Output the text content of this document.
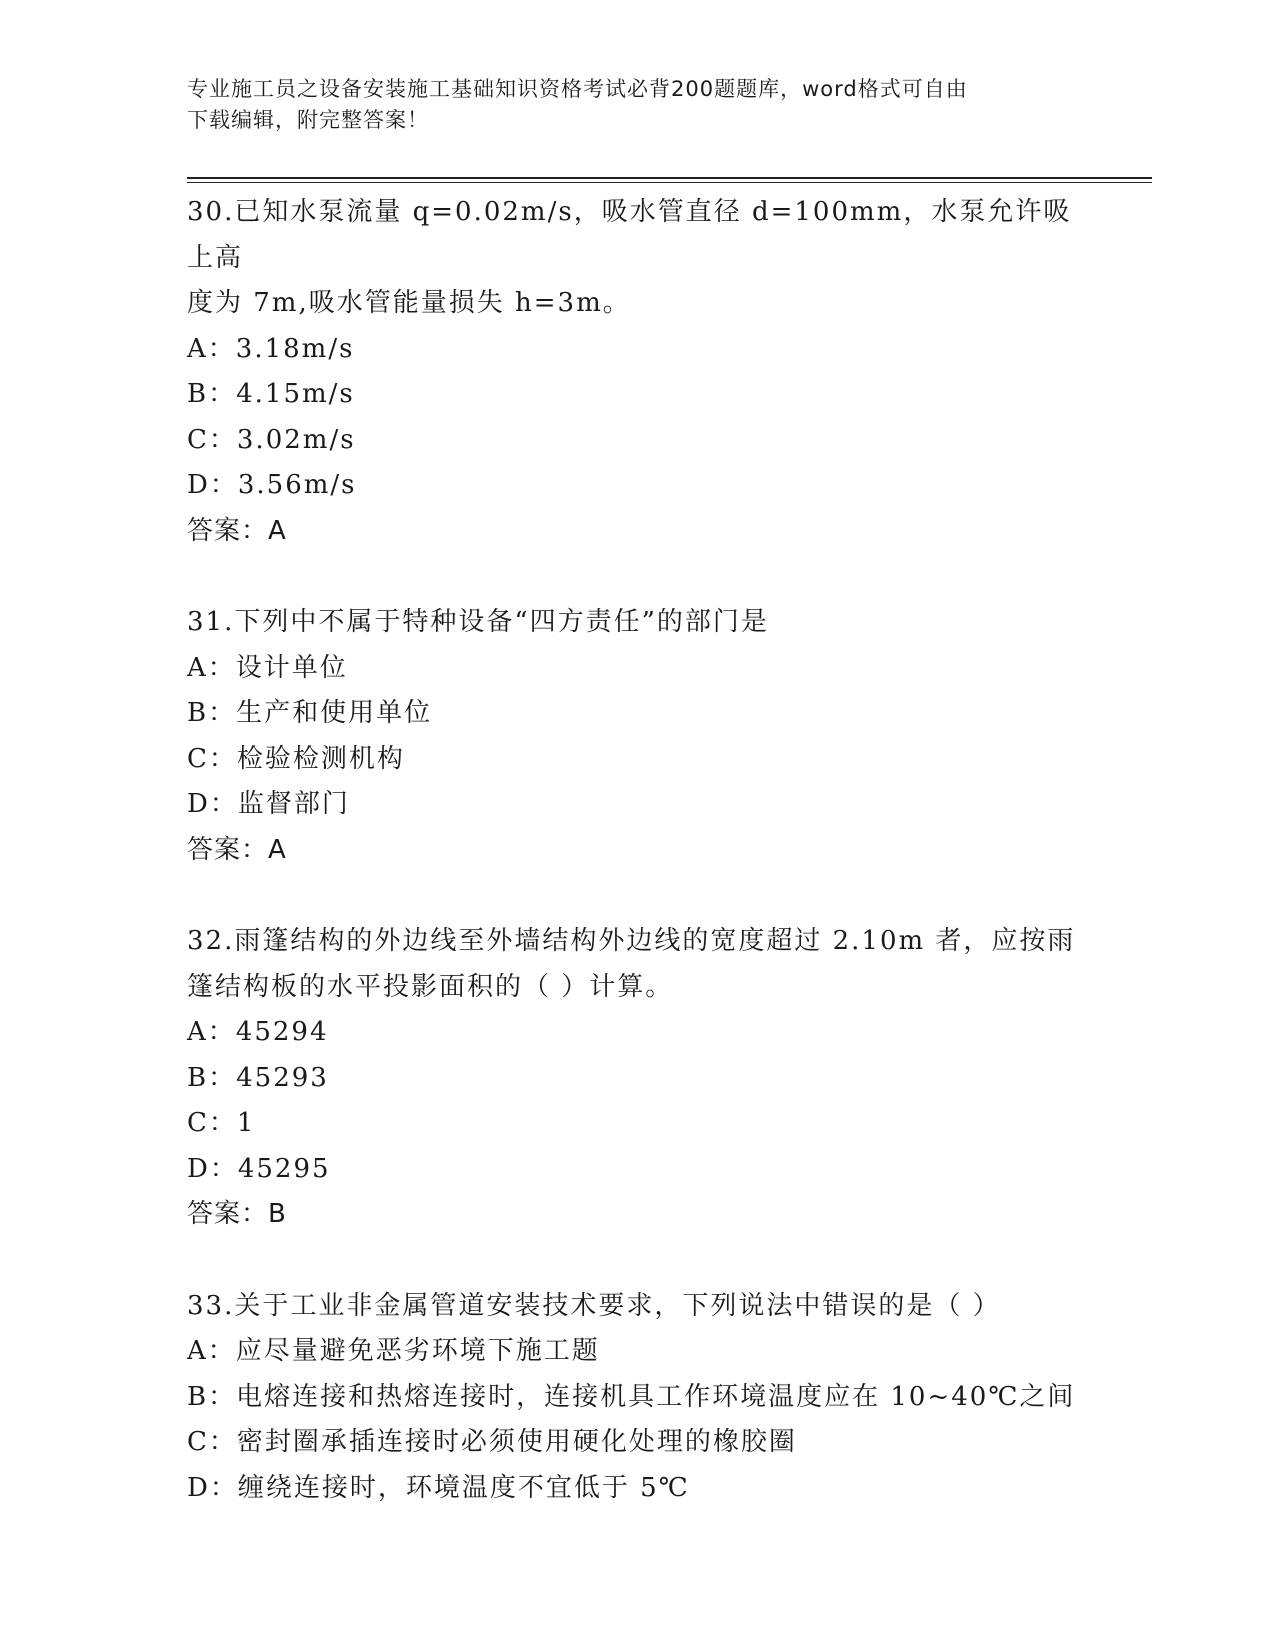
专业施工员之设备安装施工基础知识资格考试必背200题题库，word格式可自由
下载编辑，附完整答案！

30.已知水泵流量 q=0.02m/s，吸水管直径 d=100mm，水泵允许吸上高

度为 7m,吸水管能量损失 h=3m。

A：3.18m/s

B：4.15m/s

C：3.02m/s

D：3.56m/s

答案：A

31.下列中不属于特种设备“四方责任”的部门是

A：设计单位

B：生产和使用单位

C：检验检测机构

D：监督部门

答案：A

32.雨篷结构的外边线至外墙结构外边线的宽度超过 2.10m 者，应按雨

篷结构板的水平投影面积的（ ）计算。

A：45294

B：45293

C：1

D：45295

答案：B

33.关于工业非金属管道安装技术要求，下列说法中错误的是（ ）

A：应尽量避免恶劣环境下施工题

B：电熔连接和热熔连接时，连接机具工作环境温度应在 10~40℃之间

C：密封圈承插连接时必须使用硬化处理的橡胶圈

D：缠绕连接时，环境温度不宜低于 5℃
